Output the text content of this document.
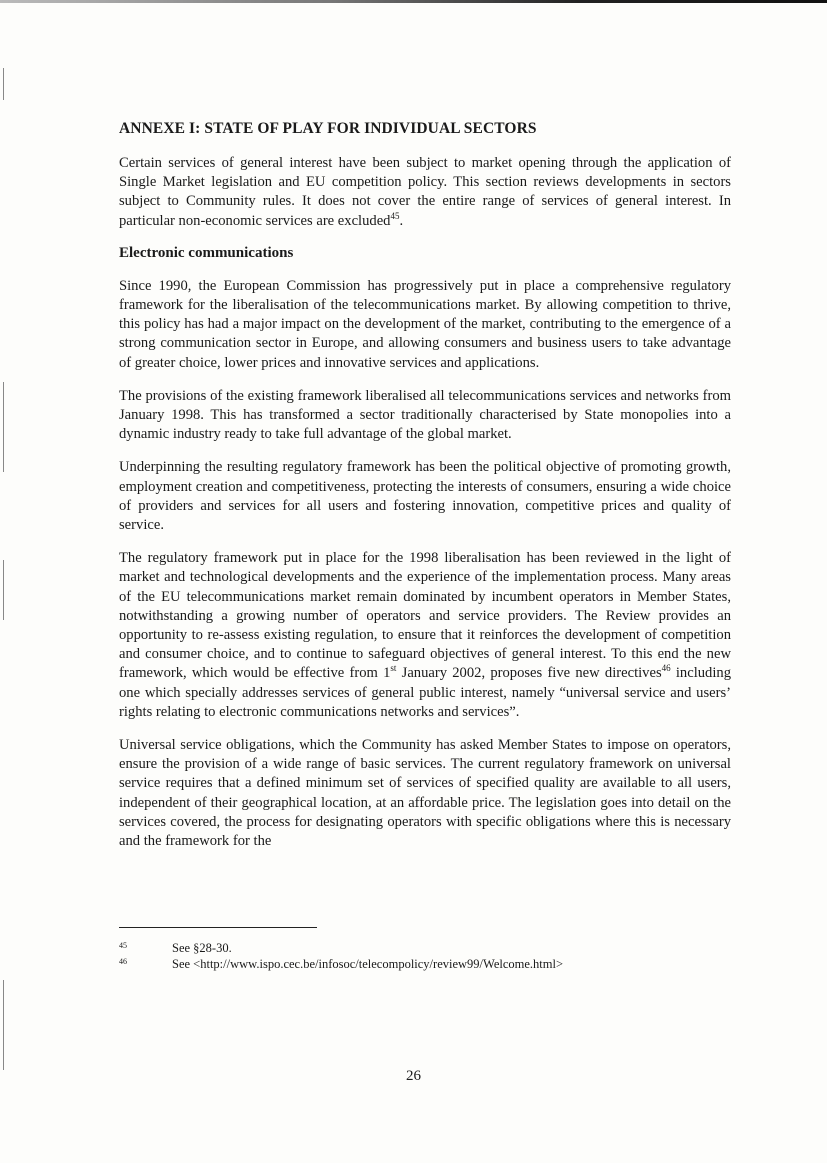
ANNEXE I: STATE OF PLAY FOR INDIVIDUAL SECTORS

Certain services of general interest have been subject to market opening through the application of Single Market legislation and EU competition policy. This section reviews developments in sectors subject to Community rules. It does not cover the entire range of services of general interest. In particular non-economic services are excluded$^{45}$.

Electronic communications

Since 1990, the European Commission has progressively put in place a comprehensive regulatory framework for the liberalisation of the telecommunications market. By allowing competition to thrive, this policy has had a major impact on the development of the market, contributing to the emergence of a strong communication sector in Europe, and allowing consumers and business users to take advantage of greater choice, lower prices and innovative services and applications.

The provisions of the existing framework liberalised all telecommunications services and networks from January 1998. This has transformed a sector traditionally characterised by State monopolies into a dynamic industry ready to take full advantage of the global market.

Underpinning the resulting regulatory framework has been the political objective of promoting growth, employment creation and competitiveness, protecting the interests of consumers, ensuring a wide choice of providers and services for all users and fostering innovation, competitive prices and quality of service.

The regulatory framework put in place for the 1998 liberalisation has been reviewed in the light of market and technological developments and the experience of the implementation process. Many areas of the EU telecommunications market remain dominated by incumbent operators in Member States, notwithstanding a growing number of operators and service providers. The Review provides an opportunity to re-assess existing regulation, to ensure that it reinforces the development of competition and consumer choice, and to continue to safeguard objectives of general interest. To this end the new framework, which would be effective from 1st January 2002, proposes five new directives$^{46}$ including one which specially addresses services of general public interest, namely “universal service and users’ rights relating to electronic communications networks and services”.

Universal service obligations, which the Community has asked Member States to impose on operators, ensure the provision of a wide range of basic services. The current regulatory framework on universal service requires that a defined minimum set of services of specified quality are available to all users, independent of their geographical location, at an affordable price. The legislation goes into detail on the services covered, the process for designating operators with specific obligations where this is necessary and the framework for the

45	See §28-30.
46	See <http://www.ispo.cec.be/infosoc/telecompolicy/review99/Welcome.html>
26
